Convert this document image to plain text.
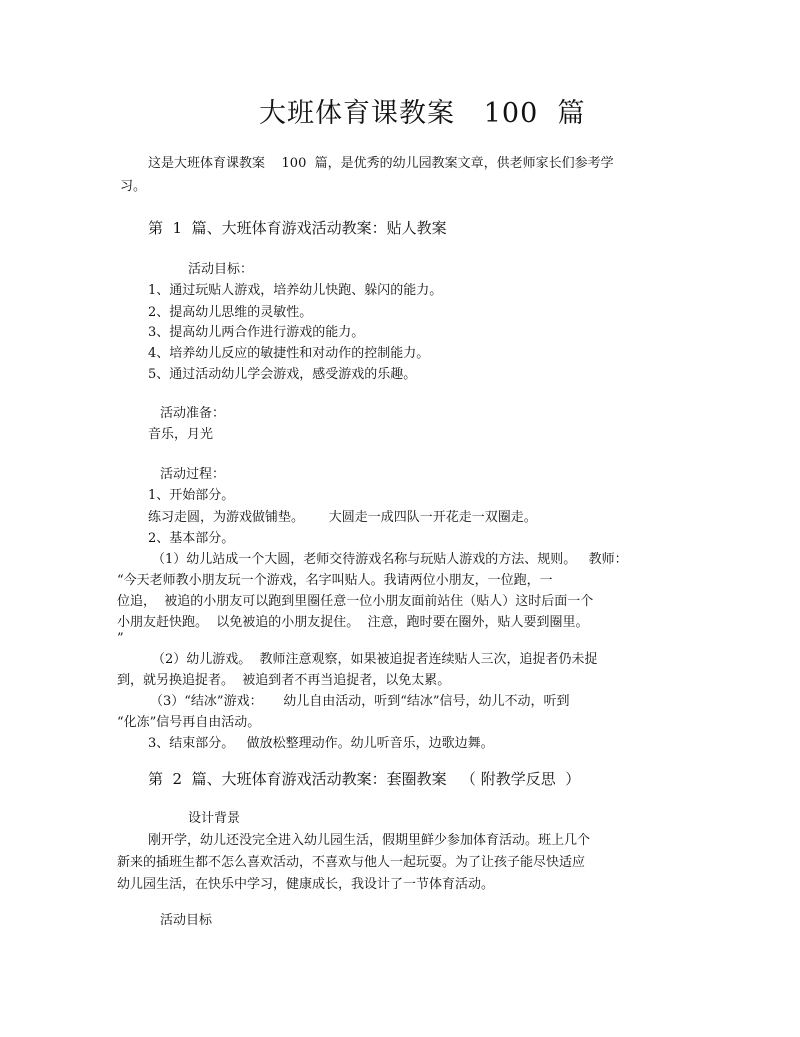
大班体育课教案   100  篇
这是大班体育课教案    100  篇，是优秀的幼儿园教案文章，供老师家长们参考学
习。
第  1  篇、大班体育游戏活动教案：贴人教案
活动目标：
1、通过玩贴人游戏，培养幼儿快跑、躲闪的能力。
2、提高幼儿思维的灵敏性。
3、提高幼儿两合作进行游戏的能力。
4、培养幼儿反应的敏捷性和对动作的控制能力。
5、通过活动幼儿学会游戏，感受游戏的乐趣。
活动准备：
音乐，月光
活动过程：
1、开始部分。
练习走圆，为游戏做铺垫。      大圆走一成四队一开花走一双圈走。
2、基本部分。
（1）幼儿站成一个大圆，老师交待游戏名称与玩贴人游戏的方法、规则。   教师：
“今天老师教小朋友玩一个游戏，名字叫贴人。我请两位小朋友，一位跑，一
位追，  被追的小朋友可以跑到里圈任意一位小朋友面前站住（贴人）这时后面一个
小朋友赶快跑。  以免被追的小朋友捉住。  注意，跑时要在圈外，贴人要到圈里。
”
（2）幼儿游戏。  教师注意观察，如果被追捉者连续贴人三次，追捉者仍未捉
到，就另换追捉者。  被追到者不再当追捉者，以免太累。
（3）“结冰”游戏：     幼儿自由活动，听到“结冰”信号，幼儿不动，听到
“化冻”信号再自由活动。
3、结束部分。   做放松整理动作。幼儿听音乐，边歌边舞。
第  2  篇、大班体育游戏活动教案：套圈教案   （ 附教学反思  ）
设计背景
刚开学，幼儿还没完全进入幼儿园生活，假期里鲜少参加体育活动。班上几个
新来的插班生都不怎么喜欢活动，不喜欢与他人一起玩耍。为了让孩子能尽快适应
幼儿园生活，在快乐中学习，健康成长，我设计了一节体育活动。
活动目标
